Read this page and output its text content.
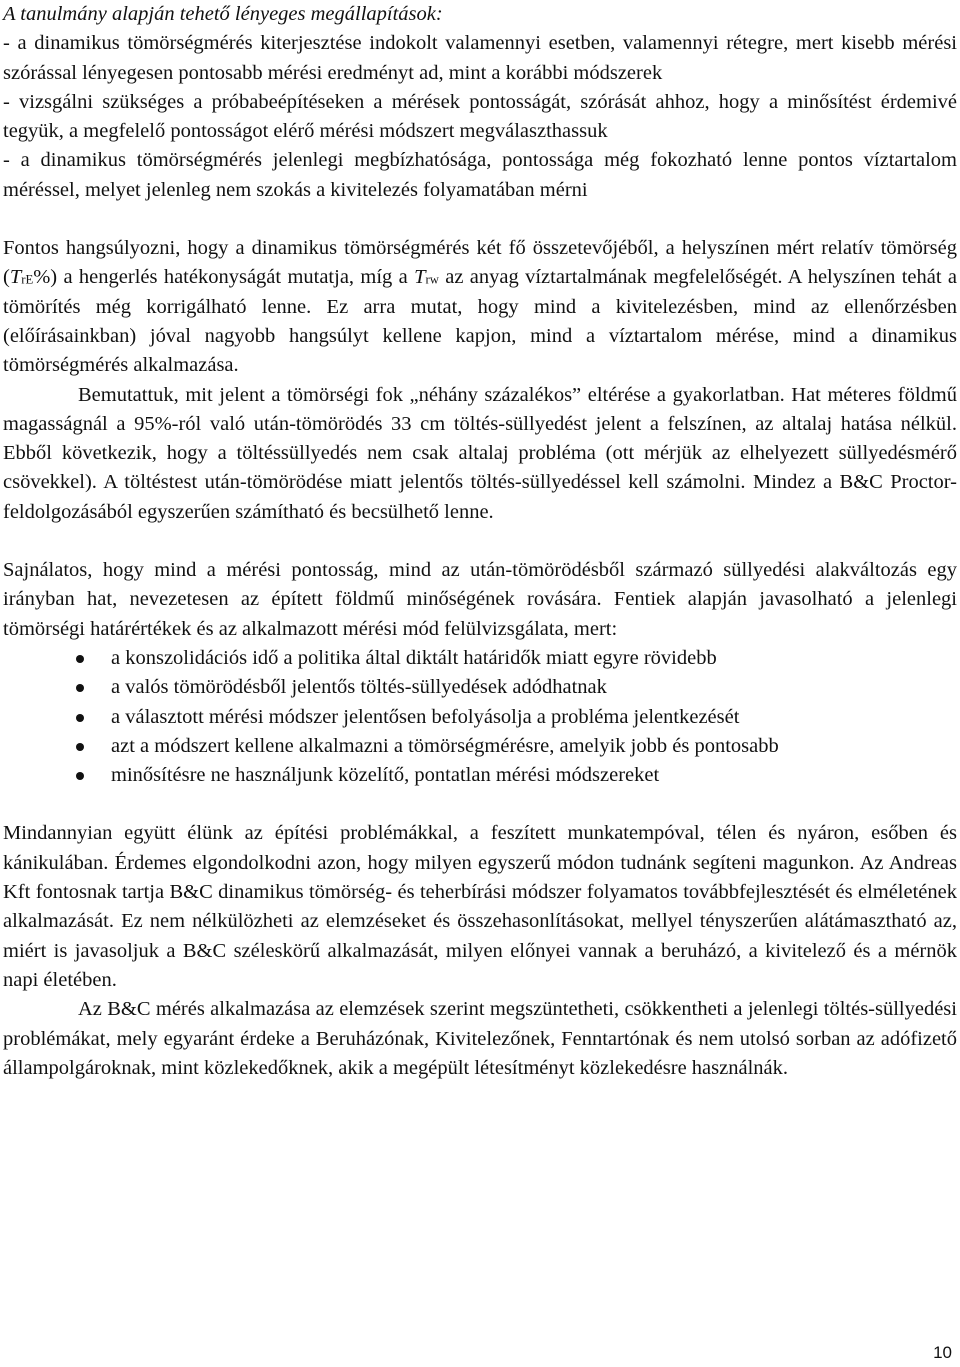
A tanulmány alapján tehető lényeges megállapítások:

- a dinamikus tömörségmérés kiterjesztése indokolt valamennyi esetben, valamennyi rétegre, mert kisebb mérési szórással lényegesen pontosabb mérési eredményt ad, mint a korábbi módszerek

- vizsgálni szükséges a próbabeépítéseken a mérések pontosságát, szórását ahhoz, hogy a minősítést érdemivé tegyük, a megfelelő pontosságot elérő mérési módszert megválaszthassuk

- a dinamikus tömörségmérés jelenlegi megbízhatósága, pontossága még fokozható lenne pontos víztartalom méréssel, melyet jelenleg nem szokás a kivitelezés folyamatában mérni

Fontos hangsúlyozni, hogy a dinamikus tömörségmérés két fő összetevőjéből, a helyszínen mért relatív tömörség $(T_{rE}\%)$ a hengerlés hatékonyságát mutatja, míg a $T_{rw}$ az anyag víztartalmának megfelelőségét. A helyszínen tehát a tömörítés még korrigálható lenne. Ez arra mutat, hogy mind a kivitelezésben, mind az ellenőrzésben (előírásainkban) jóval nagyobb hangsúlyt kellene kapjon, mind a víztartalom mérése, mind a dinamikus tömörségmérés alkalmazása.

Bemutattuk, mit jelent a tömörségi fok „néhány százalékos” eltérése a gyakorlatban. Hat méteres földmű magasságnál a 95%-ról való után-tömörödés 33 cm töltés-süllyedést jelent a felszínen, az altalaj hatása nélkül. Ebből következik, hogy a töltéssüllyedés nem csak altalaj probléma (ott mérjük az elhelyezett süllyedésmérő csövekkel). A töltéstest után-tömörödése miatt jelentős töltés-süllyedéssel kell számolni. Mindez a B&C Proctor-feldolgozásából egyszerűen számítható és becsülhető lenne.

Sajnálatos, hogy mind a mérési pontosság, mind az után-tömörödésből származó süllyedési alakváltozás egy irányban hat, nevezetesen az épített földmű minőségének rovására. Fentiek alapján javasolható a jelenlegi tömörségi határértékek és az alkalmazott mérési mód felülvizsgálata, mert:

a konszolidációs idő a politika által diktált határidők miatt egyre rövidebb
a valós tömörödésből jelentős töltés-süllyedések adódhatnak
a választott mérési módszer jelentősen befolyásolja a probléma jelentkezését
azt a módszert kellene alkalmazni a tömörségmérésre, amelyik jobb és pontosabb
minősítésre ne használjunk közelítő, pontatlan mérési módszereket

Mindannyian együtt élünk az építési problémákkal, a feszített munkatempóval, télen és nyáron, esőben és kánikulában. Érdemes elgondolkodni azon, hogy milyen egyszerű módon tudnánk segíteni magunkon. Az Andreas Kft fontosnak tartja B&C dinamikus tömörség- és teherbírási módszer folyamatos továbbfejlesztését és elméletének alkalmazását. Ez nem nélkülözheti az elemzéseket és összehasonlításokat, mellyel tényszerűen alátámasztható az, miért is javasoljuk a B&C széleskörű alkalmazását, milyen előnyei vannak a beruházó, a kivitelező és a mérnök napi életében.

Az B&C mérés alkalmazása az elemzések szerint megszüntetheti, csökkentheti a jelenlegi töltés-süllyedési problémákat, mely egyaránt érdeke a Beruházónak, Kivitelezőnek, Fenntartónak és nem utolsó sorban az adófizető állampolgároknak, mint közlekedőknek, akik a megépült létesítményt közlekedésre használnák.

10
